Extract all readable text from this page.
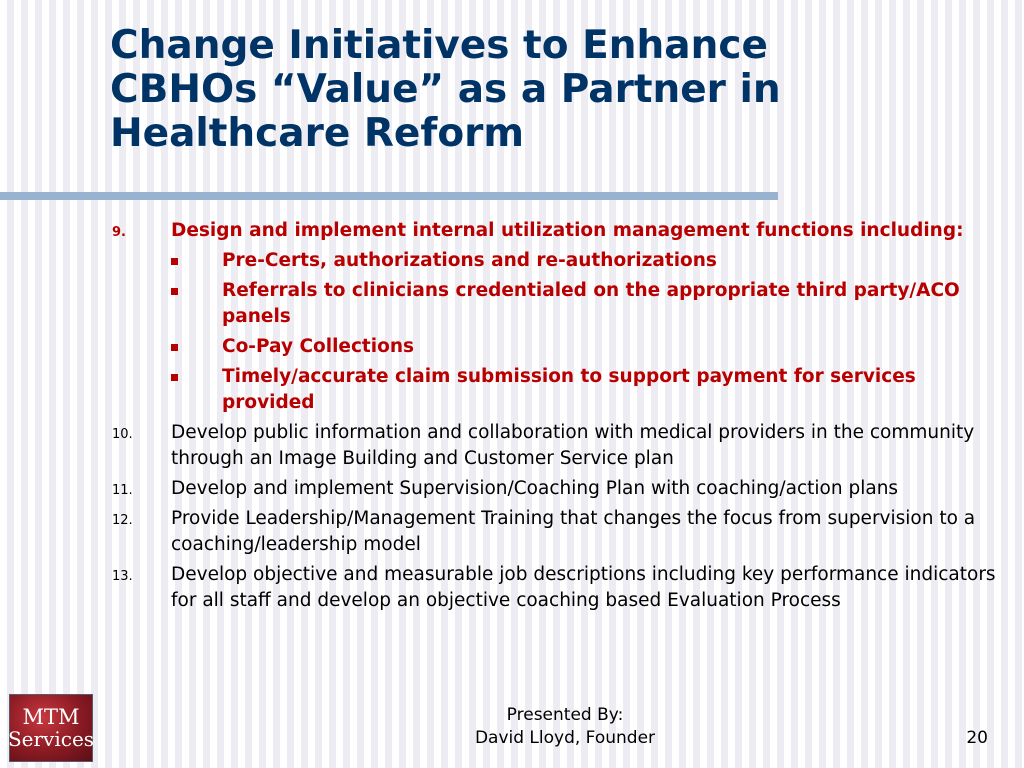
Change Initiatives to Enhance
CBHOs “Value” as a Partner in
Healthcare Reform
9. Design and implement internal utilization management functions including:
Pre-Certs, authorizations and re-authorizations
Referrals to clinicians credentialed on the appropriate third party/ACO panels
Co-Pay Collections
Timely/accurate claim submission to support payment for services provided
10. Develop public information and collaboration with medical providers in the community through an Image Building and Customer Service plan
11. Develop and implement Supervision/Coaching Plan with coaching/action plans
12. Provide Leadership/Management Training that changes the focus from supervision to a coaching/leadership model
13. Develop objective and measurable job descriptions including key performance indicators for all staff and develop an objective coaching based Evaluation Process
MTM
Services
Presented By:
David Lloyd, Founder	20
